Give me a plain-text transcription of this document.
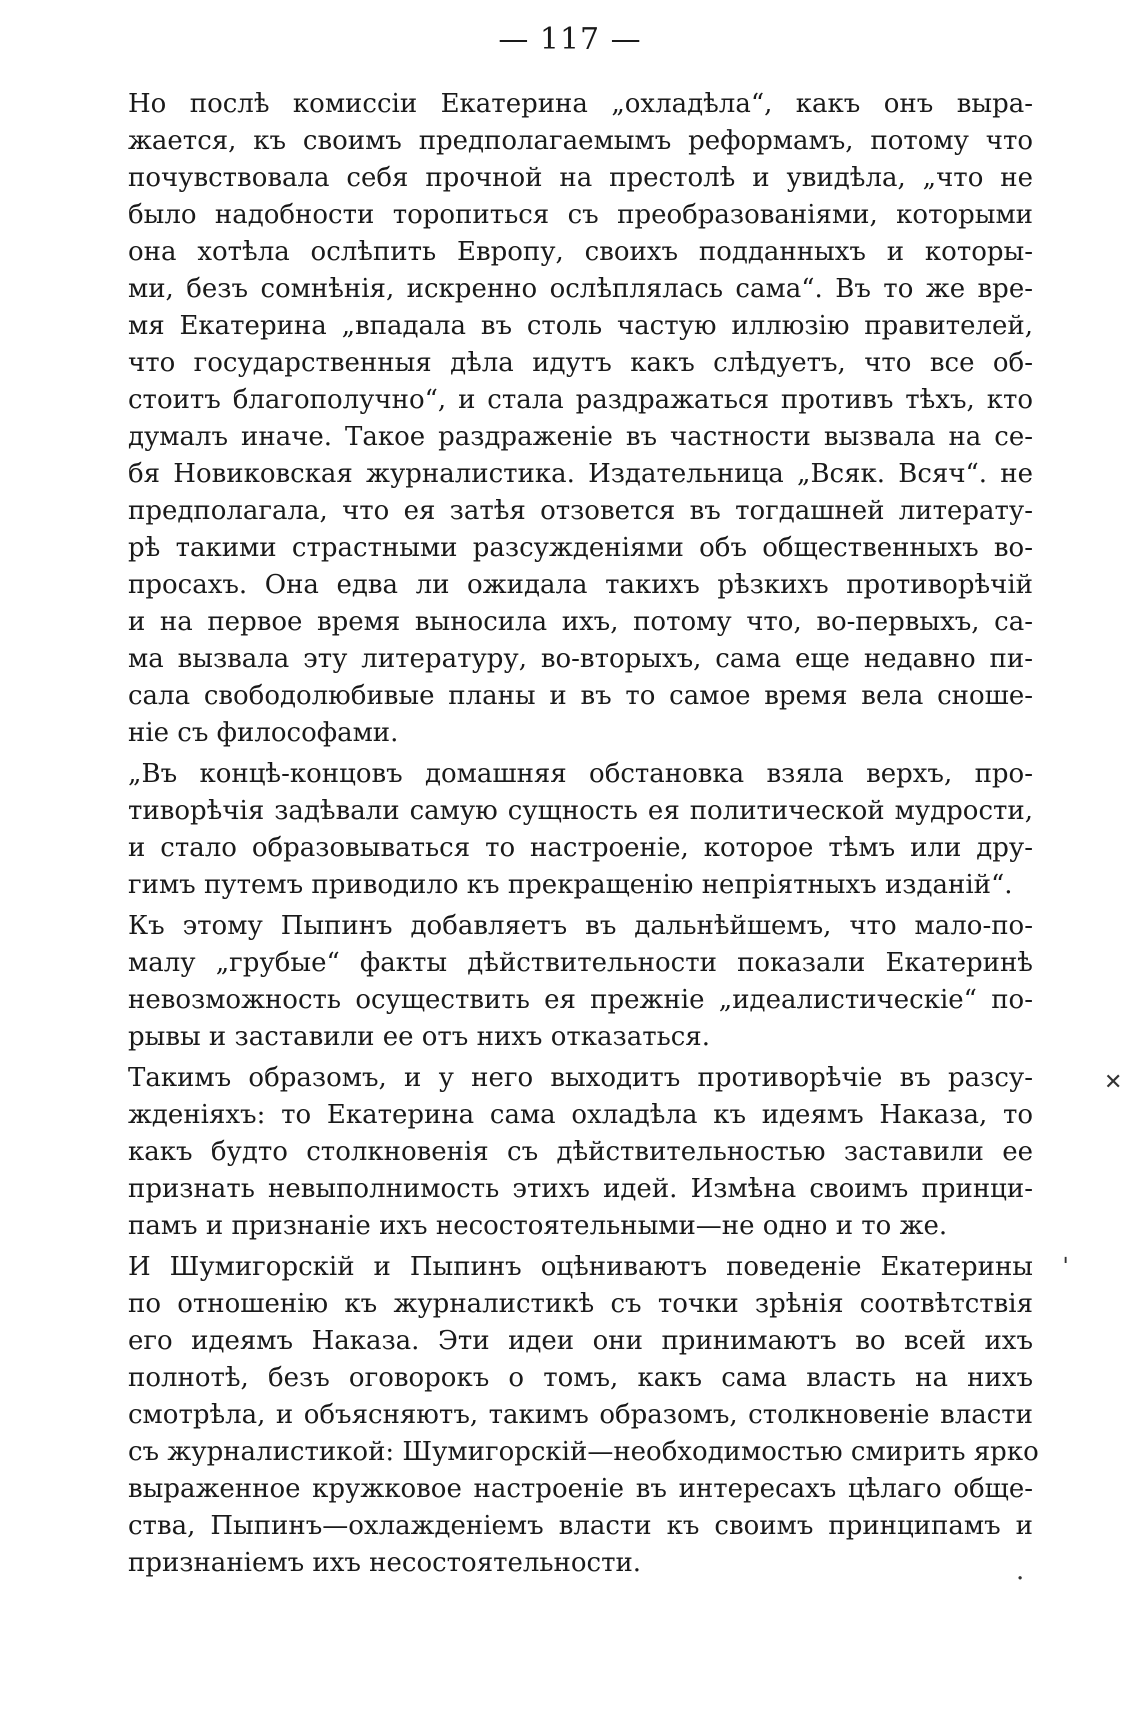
— 117 —
Но послѣ комиссіи Екатерина „охладѣла“, какъ онъ выра-
жается, къ своимъ предполагаемымъ реформамъ, потому что
почувствовала себя прочной на престолѣ и увидѣла, „что не
было надобности торопиться съ преобразованіями, которыми
она хотѣла ослѣпить Европу, своихъ подданныхъ и которы-
ми, безъ сомнѣнія, искренно ослѣплялась сама“. Въ то же вре-
мя Екатерина „впадала въ столь частую иллюзію правителей,
что государственныя дѣла идутъ какъ слѣдуетъ, что все об-
стоитъ благополучно“, и стала раздражаться противъ тѣхъ, кто
думалъ иначе. Такое раздраженіе въ частности вызвала на се-
бя Новиковская журналистика. Издательница „Всяк. Всяч“. не
предполагала, что ея затѣя отзовется въ тогдашней литерату-
рѣ такими страстными разсужденіями объ общественныхъ во-
просахъ. Она едва ли ожидала такихъ рѣзкихъ противорѣчій
и на первое время выносила ихъ, потому что, во-первыхъ, са-
ма вызвала эту литературу, во-вторыхъ, сама еще недавно пи-
сала свободолюбивые планы и въ то самое время вела сноше-
ніе съ философами.
„Въ концѣ-концовъ домашняя обстановка взяла верхъ, про-
тиворѣчія задѣвали самую сущность ея политической мудрости,
и стало образовываться то настроеніе, которое тѣмъ или дру-
гимъ путемъ приводило къ прекращенію непріятныхъ изданій“.
Къ этому Пыпинъ добавляетъ въ дальнѣйшемъ, что мало-по-
малу „грубые“ факты дѣйствительности показали Екатеринѣ
невозможность осуществить ея прежніе „идеалистическіе“ по-
рывы и заставили ее отъ нихъ отказаться.
Такимъ образомъ, и у него выходитъ противорѣчіе въ разсу-
жденіяхъ: то Екатерина сама охладѣла къ идеямъ Наказа, то
какъ будто столкновенія съ дѣйствительностью заставили ее
признать невыполнимость этихъ идей. Измѣна своимъ принци-
памъ и признаніе ихъ несостоятельными—не одно и то же.
И Шумигорскій и Пыпинъ оцѣниваютъ поведеніе Екатерины
по отношенію къ журналистикѣ съ точки зрѣнія соотвѣтствія
его идеямъ Наказа. Эти идеи они принимаютъ во всей ихъ
полнотѣ, безъ оговорокъ о томъ, какъ сама власть на нихъ
смотрѣла, и объясняютъ, такимъ образомъ, столкновеніе власти
съ журналистикой: Шумигорскій—необходимостью смирить ярко
выраженное кружковое настроеніе въ интересахъ цѣлаго обще-
ства, Пыпинъ—охлажденіемъ власти къ своимъ принципамъ и
признаніемъ ихъ несостоятельности.
✕
ˈ
·
